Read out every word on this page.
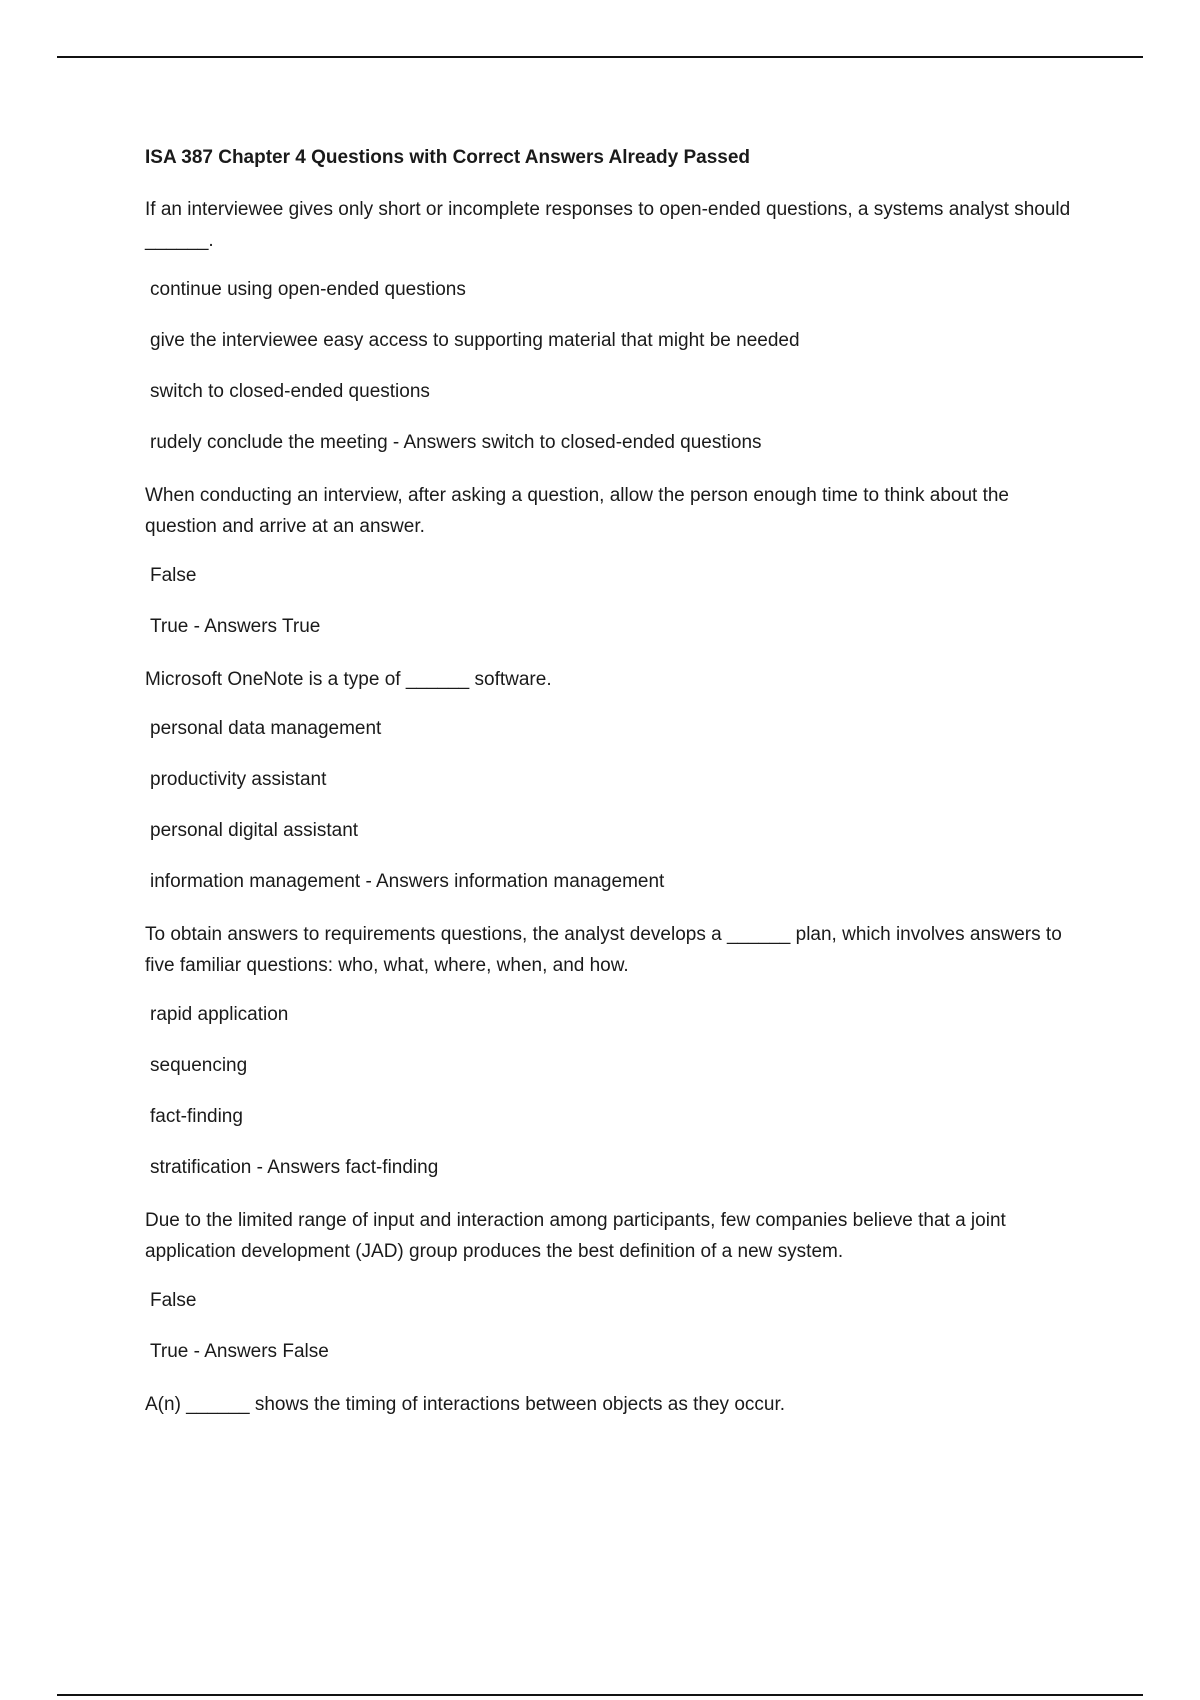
ISA 387 Chapter 4 Questions with Correct Answers Already Passed
If an interviewee gives only short or incomplete responses to open-ended questions, a systems analyst should ______.
continue using open-ended questions
give the interviewee easy access to supporting material that might be needed
switch to closed-ended questions
rudely conclude the meeting - Answers switch to closed-ended questions
When conducting an interview, after asking a question, allow the person enough time to think about the question and arrive at an answer.
False
True - Answers True
Microsoft OneNote is a type of ______ software.
personal data management
productivity assistant
personal digital assistant
information management - Answers information management
To obtain answers to requirements questions, the analyst develops a ______ plan, which involves answers to five familiar questions: who, what, where, when, and how.
rapid application
sequencing
fact-finding
stratification - Answers fact-finding
Due to the limited range of input and interaction among participants, few companies believe that a joint application development (JAD) group produces the best definition of a new system.
False
True - Answers False
A(n) ______ shows the timing of interactions between objects as they occur.
